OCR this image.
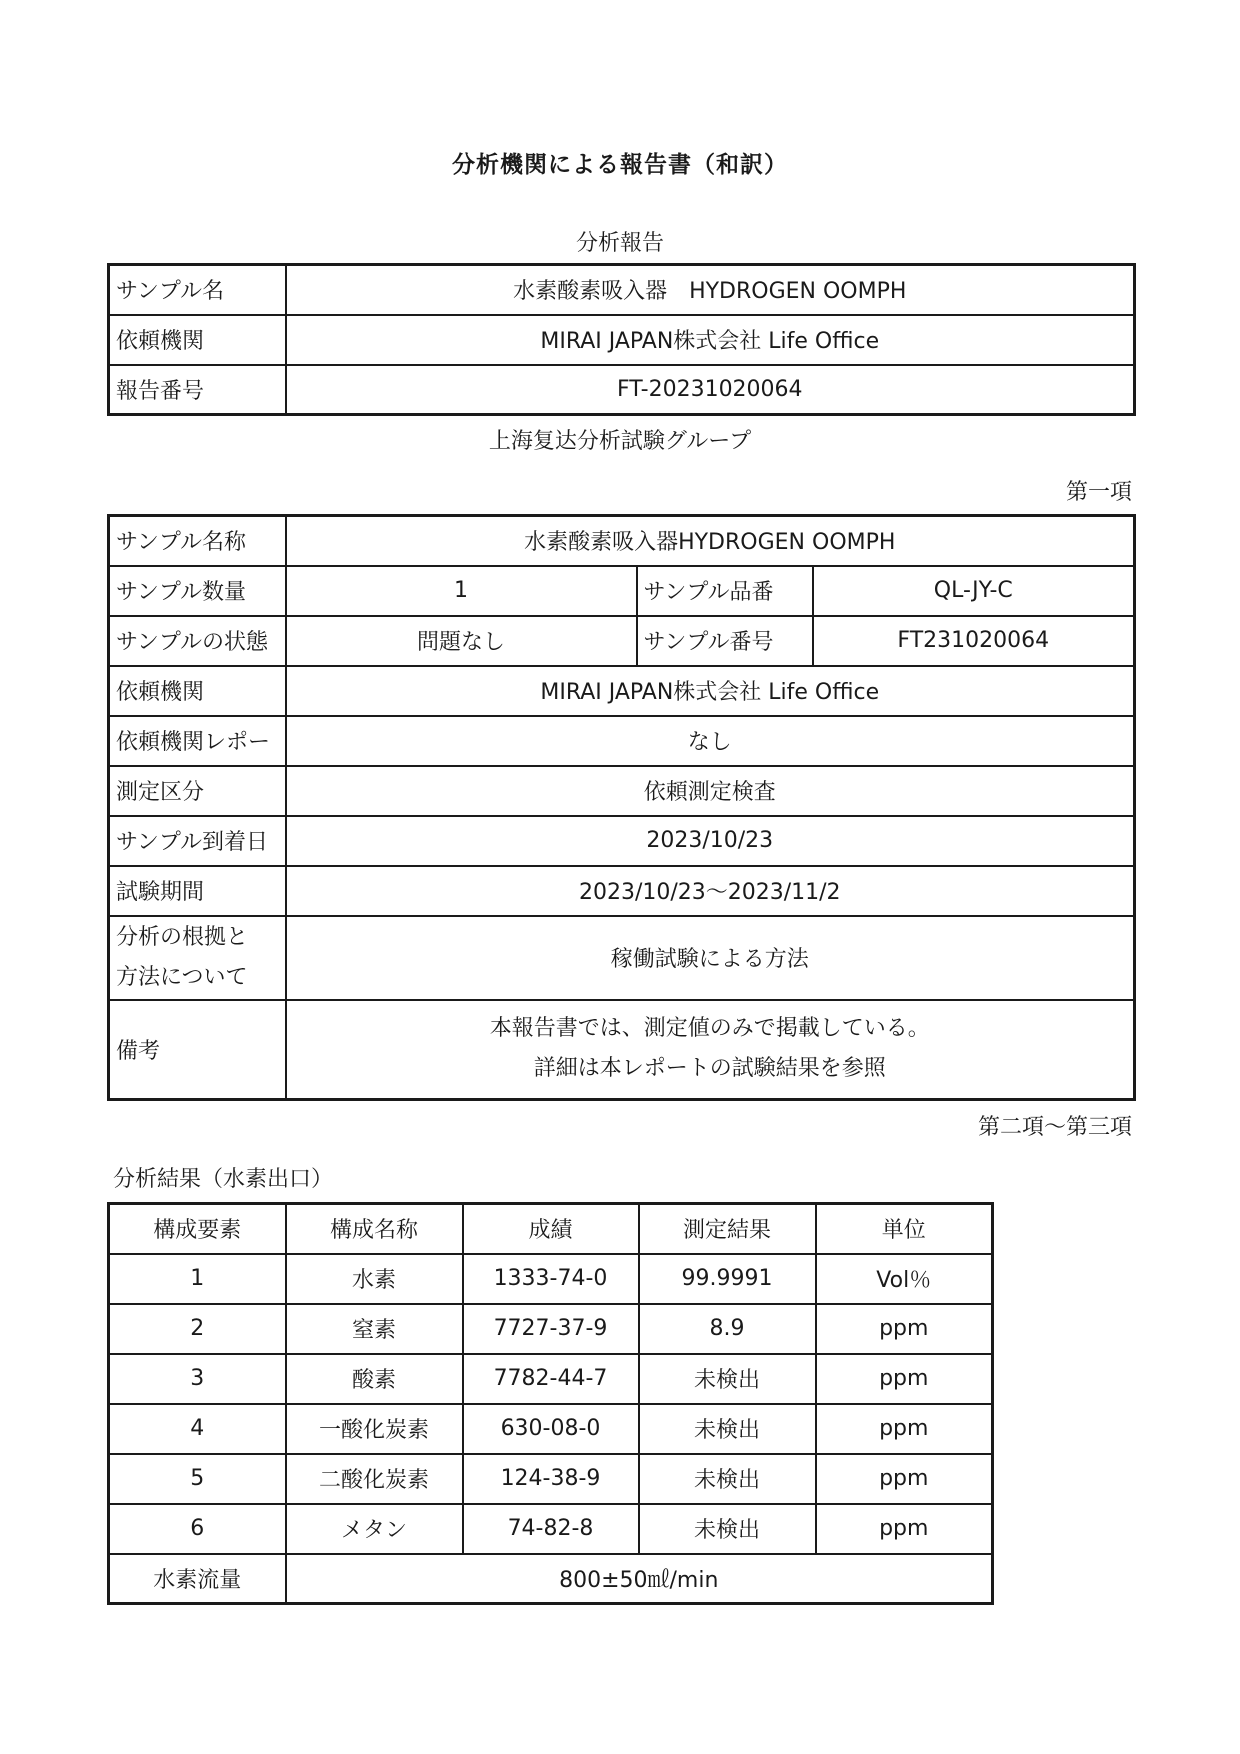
分析機関による報告書（和訳）
分析報告
サンプル名	水素酸素吸入器　HYDROGEN OOMPH
依頼機関	MIRAI JAPAN株式会社 Life Office
報告番号	FT-20231020064
上海复达分析試験グループ
第一項
サンプル名称	水素酸素吸入器HYDROGEN OOMPH		
サンプル数量	1	サンプル品番	QL-JY-C
サンプルの状態	問題なし	サンプル番号	FT231020064
依頼機関	MIRAI JAPAN株式会社 Life Office		
依頼機関レポー	なし		
測定区分	依頼測定検査		
サンプル到着日	2023/10/23		
試験期間	2023/10/23～2023/11/2		

分析の根拠と
方法について	稼働試験による方法		
備考	本報告書では、測定値のみで掲載している。
詳細は本レポートの試験結果を参照		
第二項～第三項
分析結果（水素出口）
構成要素	構成名称	成績	測定結果	単位
1	水素	1333-74-0	99.9991	Vol％
2	窒素	7727-37-9	8.9	ppm
3	酸素	7782-44-7	未検出	ppm
4	一酸化炭素	630-08-0	未検出	ppm
5	二酸化炭素	124-38-9	未検出	ppm
6	メタン	74-82-8	未検出	ppm
水素流量	800±50㎖/min			
